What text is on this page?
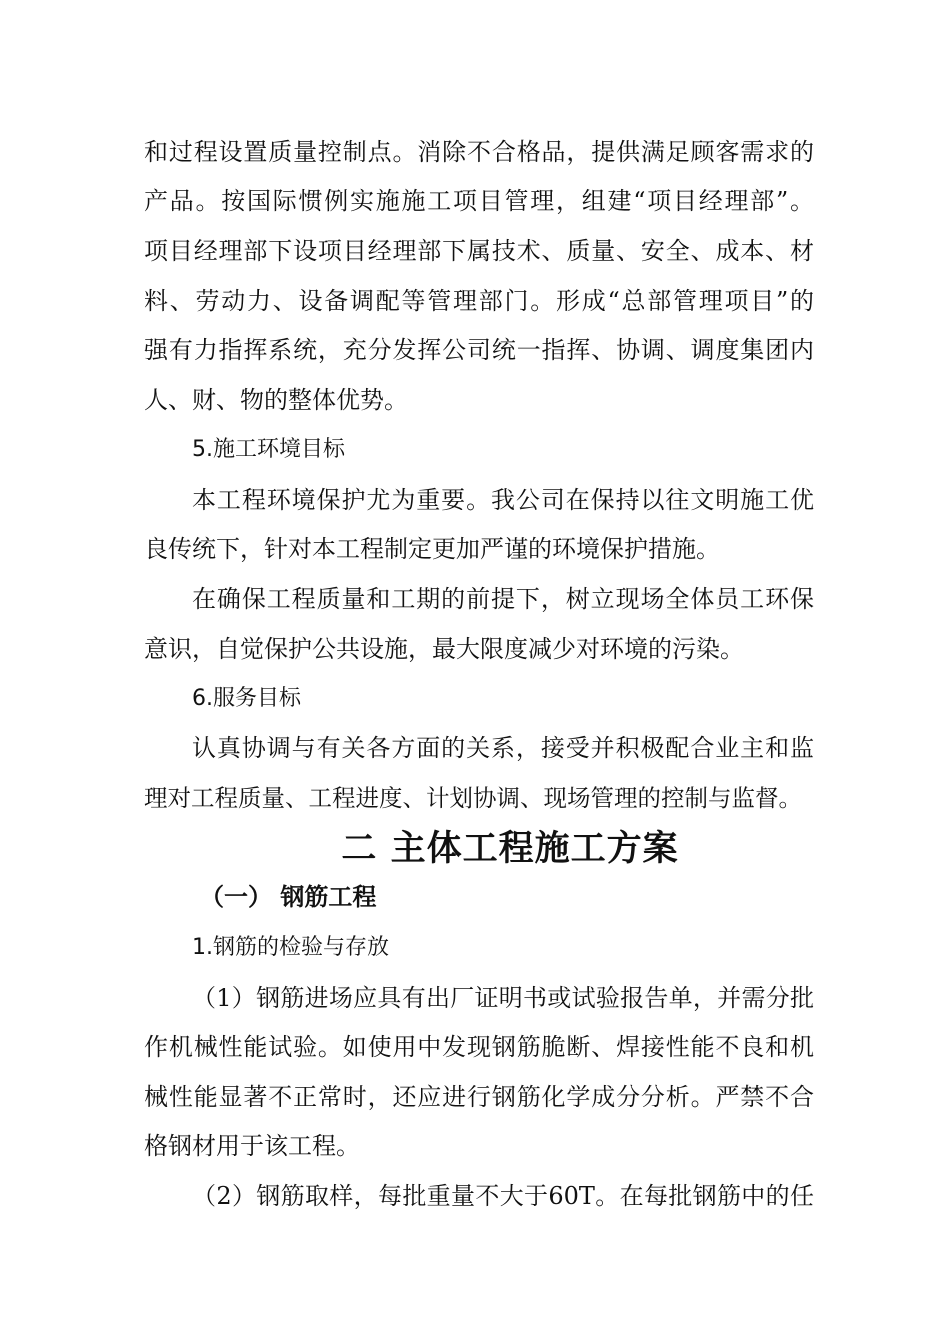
和过程设置质量控制点。消除不合格品，提供满足顾客需求的

产品。按国际惯例实施施工项目管理，组建“项目经理部”。

项目经理部下设项目经理部下属技术、质量、安全、成本、材

料、劳动力、设备调配等管理部门。形成“总部管理项目”的

强有力指挥系统，充分发挥公司统一指挥、协调、调度集团内

人、财、物的整体优势。

5.施工环境目标

本工程环境保护尤为重要。我公司在保持以往文明施工优

良传统下，针对本工程制定更加严谨的环境保护措施。

在确保工程质量和工期的前提下，树立现场全体员工环保

意识，自觉保护公共设施，最大限度减少对环境的污染。

6.服务目标

认真协调与有关各方面的关系，接受并积极配合业主和监

理对工程质量、工程进度、计划协调、现场管理的控制与监督。

二 主体工程施工方案
（一） 钢筋工程

1.钢筋的检验与存放

（1）钢筋进场应具有出厂证明书或试验报告单，并需分批

作机械性能试验。如使用中发现钢筋脆断、焊接性能不良和机

械性能显著不正常时，还应进行钢筋化学成分分析。严禁不合

格钢材用于该工程。

（2）钢筋取样，每批重量不大于60T。在每批钢筋中的任
